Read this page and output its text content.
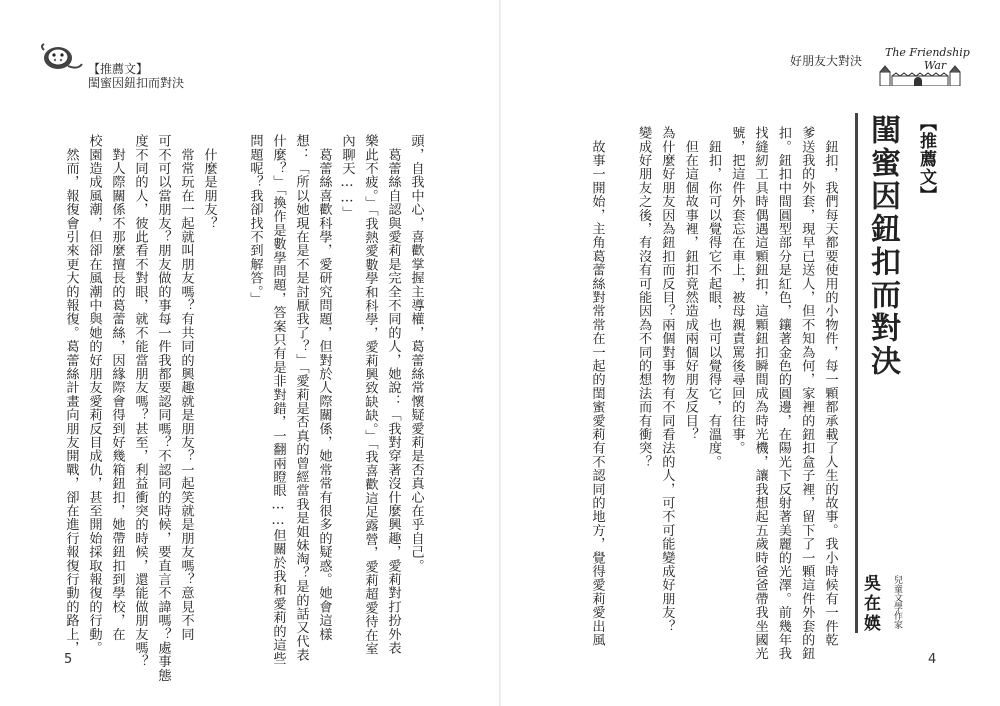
【推薦文】
閨蜜因鈕扣而對決
好朋友大對決
The Friendship
War
【推薦文】
閨蜜因鈕扣而對決
兒童文學作家
吳在媖
　鈕扣，我們每天都要使用的小物件，每一顆都承載了人生的故事。我小時候有一件乾
爹送我的外套，現早已送人，但不知為何，家裡的鈕扣盒子裡，留下了一顆這件外套的鈕
扣。鈕扣中間圓型部分是紅色，鑲著金色的圓邊，在陽光下反射著美麗的光澤。前幾年我
找縫紉工具時偶遇這顆鈕扣，這顆鈕扣瞬間成為時光機，讓我想起五歲時爸爸帶我坐國光
號，把這件外套忘在車上，被母親責罵後尋回的往事。
　鈕扣，你可以覺得它不起眼，也可以覺得它，有溫度。
　但在這個故事裡，鈕扣竟然造成兩個好朋友反目？
為什麼好朋友因為鈕扣而反目？兩個對事物有不同看法的人，可不可能變成好朋友？
變成好朋友之後，有沒有可能因為不同的想法而有衝突？
　故事一開始，主角葛蕾絲對常常在一起的閨蜜愛莉有不認同的地方，覺得愛莉愛出風
頭，自我中心，喜歡掌握主導權，葛蕾絲常懷疑愛莉是否真心在乎自己。
　葛蕾絲自認與愛莉是完全不同的人，她說：「我對穿著沒什麼興趣，愛莉對打扮外表
樂此不疲。」「我熱愛數學和科學，愛莉興致缺缺。」「我喜歡這足露營，愛莉超愛待在室
內聊天……」
　葛蕾絲喜歡科學，愛研究問題，但對於人際關係，她常常有很多的疑惑。她會這樣
想：「所以她現在是不是討厭我了？」「愛莉是否真的曾經當我是姐妹淘？是的話又代表
什麼？」「換作是數學問題，答案只有是非對錯，一翻兩瞪眼……但關於我和愛莉的這些
問題呢？我卻找不到解答。」
　什麼是朋友？
　常常玩在一起就叫朋友嗎？有共同的興趣就是朋友？一起笑就是朋友嗎？意見不同
可不可以當朋友？朋友做的事每一件我都要認同嗎？不認同的時候，要直言不諱嗎？處事態
度不同的人，彼此看不對眼，就不能當朋友嗎？甚至，利益衝突的時候，還能做朋友嗎？
　對人際關係不那麼擅長的葛蕾絲，因緣際會得到好幾箱鈕扣，她帶鈕扣到學校，在
校園造成風潮，但卻在風潮中與她的好朋友愛莉反目成仇，甚至開始採取報復的行動。
　然而，報復會引來更大的報復。葛蕾絲計畫向朋友開戰，卻在進行報復行動的路上，
5	4
